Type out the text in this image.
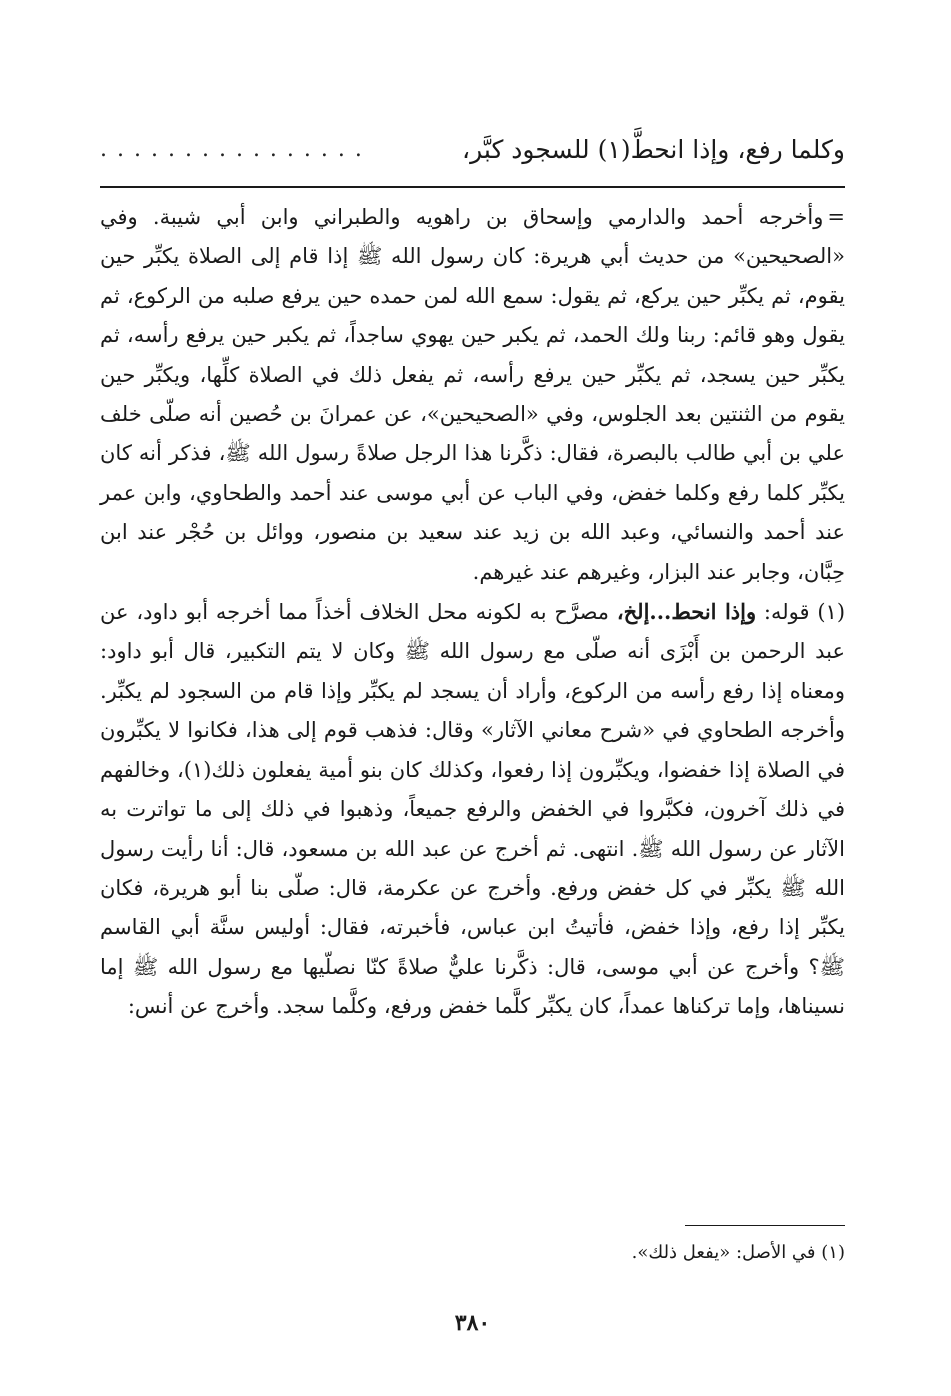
وكلما رفع، وإذا انحطَّ(١) للسجود كبَّر،
................

=وأخرجه أحمد والدارمي وإسحاق بن راهويه والطبراني وابن أبي شيبة. وفي «الصحيحين» من حديث أبي هريرة: كان رسول الله ﷺ إذا قام إلى الصلاة يكبِّر حين يقوم، ثم يكبِّر حين يركع، ثم يقول: سمع الله لمن حمده حين يرفع صلبه من الركوع، ثم يقول وهو قائم: ربنا ولك الحمد، ثم يكبر حين يهوي ساجداً، ثم يكبر حين يرفع رأسه، ثم يكبِّر حين يسجد، ثم يكبِّر حين يرفع رأسه، ثم يفعل ذلك في الصلاة كلِّها، ويكبِّر حين يقوم من الثنتين بعد الجلوس، وفي «الصحيحين»، عن عمرانَ بن حُصين أنه صلّى خلف علي بن أبي طالب بالبصرة، فقال: ذكَّرنا هذا الرجل صلاةً رسول الله ﷺ، فذكر أنه كان يكبِّر كلما رفع وكلما خفض، وفي الباب عن أبي موسى عند أحمد والطحاوي، وابن عمر عند أحمد والنسائي، وعبد الله بن زيد عند سعيد بن منصور، ووائل بن حُجْر عند ابن حِبَّان، وجابر عند البزار، وغيرهم عند غيرهم.

(١) قوله: وإذا انحط...إلخ، مصرَّح به لكونه محل الخلاف أخذاً مما أخرجه أبو داود، عن عبد الرحمن بن أَبْزَى أنه صلّى مع رسول الله ﷺ وكان لا يتم التكبير، قال أبو داود: ومعناه إذا رفع رأسه من الركوع، وأراد أن يسجد لم يكبِّر وإذا قام من السجود لم يكبِّر. وأخرجه الطحاوي في «شرح معاني الآثار» وقال: فذهب قوم إلى هذا، فكانوا لا يكبِّرون في الصلاة إذا خفضوا، ويكبِّرون إذا رفعوا، وكذلك كان بنو أمية يفعلون ذلك(١)، وخالفهم في ذلك آخرون، فكبَّروا في الخفض والرفع جميعاً، وذهبوا في ذلك إلى ما تواترت به الآثار عن رسول الله ﷺ. انتهى. ثم أخرج عن عبد الله بن مسعود، قال: أنا رأيت رسول الله ﷺ يكبِّر في كل خفض ورفع. وأخرج عن عكرمة، قال: صلّى بنا أبو هريرة، فكان يكبِّر إذا رفع، وإذا خفض، فأتيتُ ابن عباس، فأخبرته، فقال: أوليس سنَّة أبي القاسم ﷺ؟ وأخرج عن أبي موسى، قال: ذكَّرنا عليٌّ صلاةً كنّا نصلّيها مع رسول الله ﷺ إما نسيناها، وإما تركناها عمداً، كان يكبِّر كلَّما خفض ورفع، وكلَّما سجد. وأخرج عن أنس:

(١) في الأصل: «يفعل ذلك».
٣٨٠
